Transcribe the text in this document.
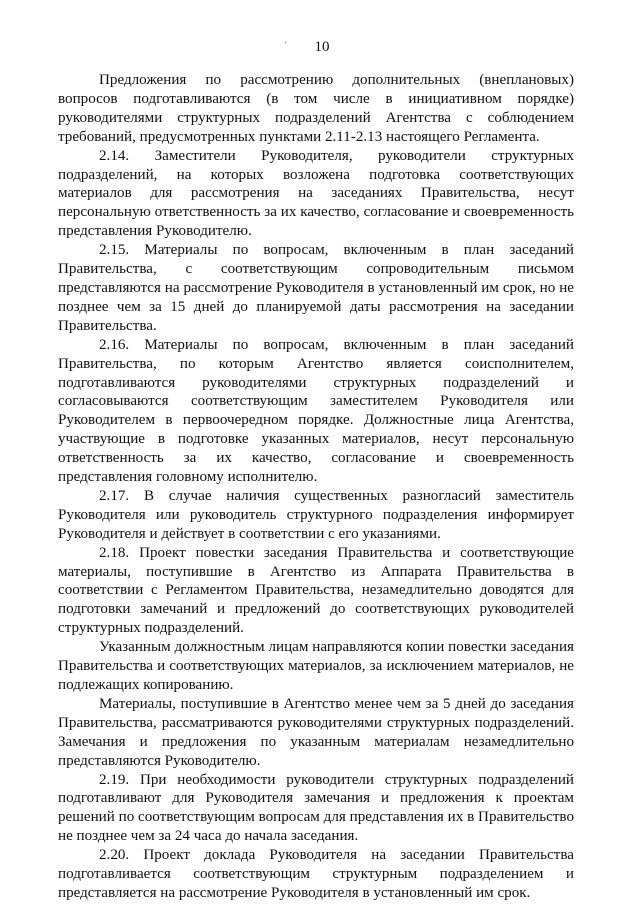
'	10

Предложения по рассмотрению дополнительных (внеплановых) вопросов подготавливаются (в том числе в инициативном порядке) руководителями структурных подразделений Агентства с соблюдением требований, предусмотренных пунктами 2.11-2.13 настоящего Регламента.

2.14. Заместители Руководителя, руководители структурных подразделений, на которых возложена подготовка соответствующих материалов для рассмотрения на заседаниях Правительства, несут персональную ответственность за их качество, согласование и своевременность представления Руководителю.

2.15. Материалы по вопросам, включенным в план заседаний Правительства, с соответствующим сопроводительным письмом представляются на рассмотрение Руководителя в установленный им срок, но не позднее чем за 15 дней до планируемой даты рассмотрения на заседании Правительства.

2.16. Материалы по вопросам, включенным в план заседаний Правительства, по которым Агентство является соисполнителем, подготавливаются руководителями структурных подразделений и согласовываются соответствующим заместителем Руководителя или Руководителем в первоочередном порядке. Должностные лица Агентства, участвующие в подготовке указанных материалов, несут персональную ответственность за их качество, согласование и своевременность представления головному исполнителю.

2.17. В случае наличия существенных разногласий заместитель Руководителя или руководитель структурного подразделения информирует Руководителя и действует в соответствии с его указаниями.

2.18. Проект повестки заседания Правительства и соответствующие материалы, поступившие в Агентство из Аппарата Правительства в соответствии с Регламентом Правительства, незамедлительно доводятся для подготовки замечаний и предложений до соответствующих руководителей структурных подразделений.

Указанным должностным лицам направляются копии повестки заседания Правительства и соответствующих материалов, за исключением материалов, не подлежащих копированию.

Материалы, поступившие в Агентство менее чем за 5 дней до заседания Правительства, рассматриваются руководителями структурных подразделений. Замечания и предложения по указанным материалам незамедлительно представляются Руководителю.

2.19. При необходимости руководители структурных подразделений подготавливают для Руководителя замечания и предложения к проектам решений по соответствующим вопросам для представления их в Правительство не позднее чем за 24 часа до начала заседания.

2.20. Проект доклада Руководителя на заседании Правительства подготавливается соответствующим структурным подразделением и представляется на рассмотрение Руководителя в установленный им срок.
